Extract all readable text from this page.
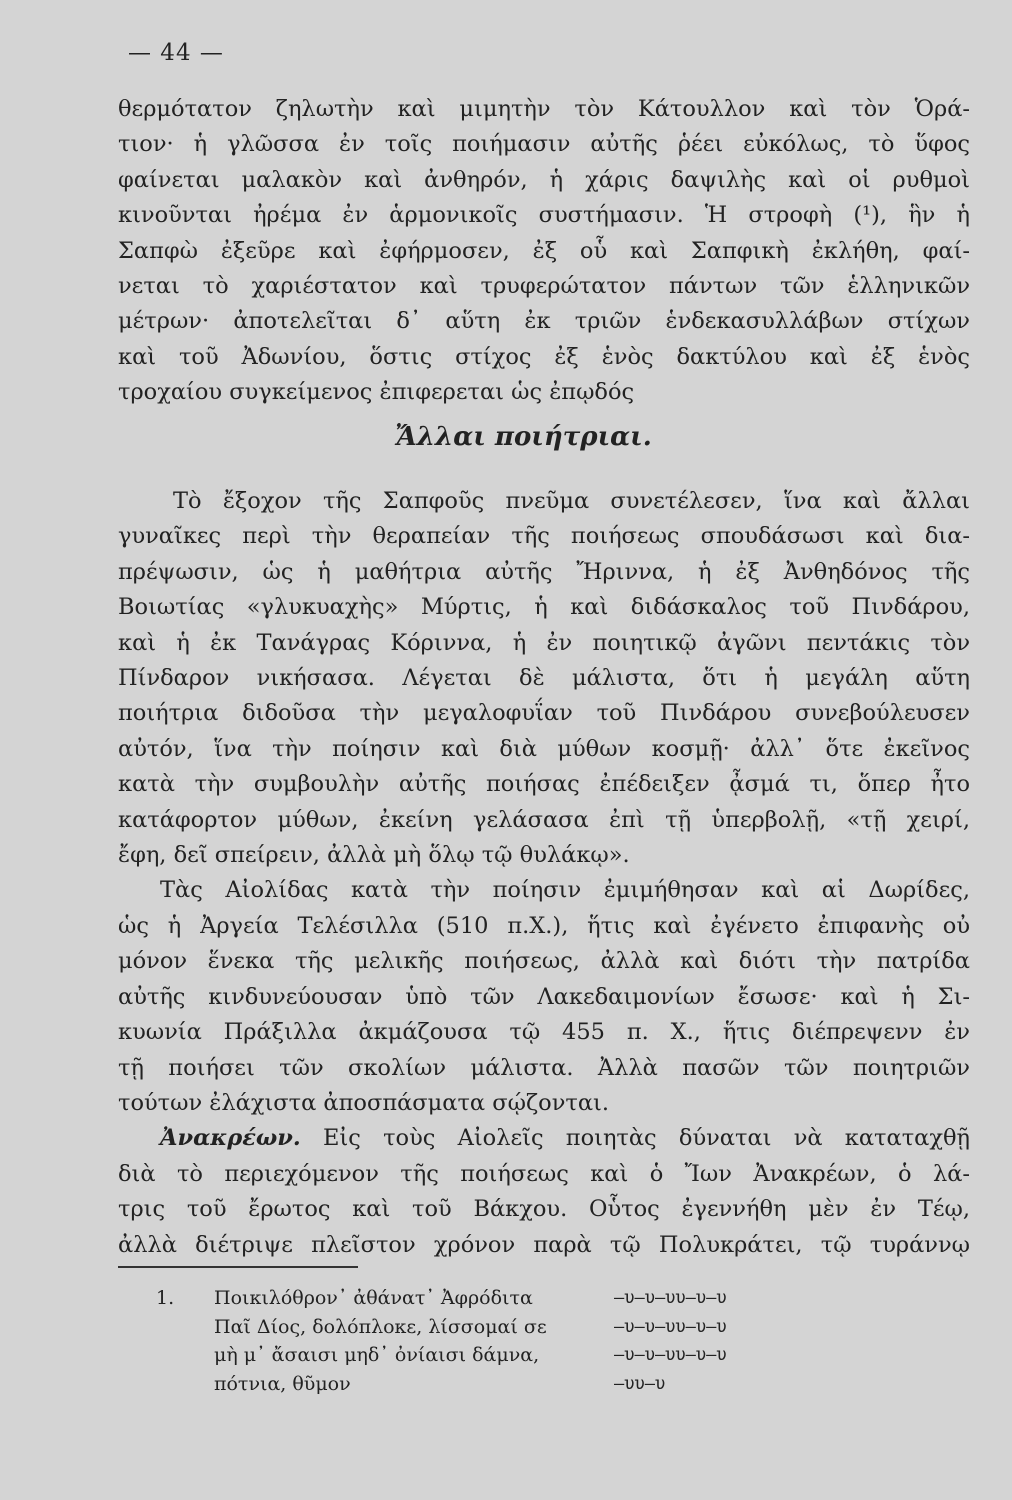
— 44 —
θερμότατον ζηλωτὴν καὶ μιμητὴν τὸν Κάτουλλον καὶ τὸν Ὁρά-
τιον· ἡ γλῶσσα ἐν τοῖς ποιήμασιν αὐτῆς ῥέει εὐκόλως, τὸ ὕφος
φαίνεται μαλακὸν καὶ ἀνθηρόν, ἡ χάρις δαψιλὴς καὶ οἱ ρυθμοὶ
κινοῦνται ἠρέμα ἐν ἁρμονικοῖς συστήμασιν. Ἡ στροφὴ (¹), ἣν ἡ
Σαπφὼ ἐξεῦρε καὶ ἐφήρμοσεν, ἐξ οὗ καὶ Σαπφικὴ ἐκλήθη, φαί-
νεται τὸ χαριέστατον καὶ τρυφερώτατον πάντων τῶν ἑλληνικῶν
μέτρων· ἀποτελεῖται δ᾽ αὕτη ἐκ τριῶν ἑνδεκασυλλάβων στίχων
καὶ τοῦ Ἀδωνίου, ὅστις στίχος ἐξ ἑνὸς δακτύλου καὶ ἐξ ἑνὸς
τροχαίου συγκείμενος ἐπιφερεται ὡς ἐπῳδός
Ἄλλαι ποιήτριαι.
Τὸ ἔξοχον τῆς Σαπφοῦς πνεῦμα συνετέλεσεν, ἵνα καὶ ἄλλαι
γυναῖκες περὶ τὴν θεραπείαν τῆς ποιήσεως σπουδάσωσι καὶ δια-
πρέψωσιν, ὡς ἡ μαθήτρια αὐτῆς Ἤριννα, ἡ ἐξ Ἀνθηδόνος τῆς
Βοιωτίας «γλυκυαχὴς» Μύρτις, ἡ καὶ διδάσκαλος τοῦ Πινδάρου,
καὶ ἡ ἐκ Τανάγρας Κόριννα, ἡ ἐν ποιητικῷ ἀγῶνι πεντάκις τὸν
Πίνδαρον νικήσασα. Λέγεται δὲ μάλιστα, ὅτι ἡ μεγάλη αὕτη
ποιήτρια διδοῦσα τὴν μεγαλοφυΐαν τοῦ Πινδάρου συνεβούλευσεν
αὐτόν, ἵνα τὴν ποίησιν καὶ διὰ μύθων κοσμῇ· ἀλλ᾽ ὅτε ἐκεῖνος
κατὰ τὴν συμβουλὴν αὐτῆς ποιήσας ἐπέδειξεν ᾆσμά τι, ὅπερ ἦτο
κατάφορτον μύθων, ἐκείνη γελάσασα ἐπὶ τῇ ὑπερβολῇ, «τῇ χειρί,
ἔφη, δεῖ σπείρειν, ἀλλὰ μὴ ὅλῳ τῷ θυλάκῳ».
Τὰς Αἰολίδας κατὰ τὴν ποίησιν ἐμιμήθησαν καὶ αἱ Δωρίδες,
ὡς ἡ Ἀργεία Τελέσιλλα (510 π.Χ.), ἥτις καὶ ἐγένετο ἐπιφανὴς οὐ
μόνον ἕνεκα τῆς μελικῆς ποιήσεως, ἀλλὰ καὶ διότι τὴν πατρίδα
αὐτῆς κινδυνεύουσαν ὑπὸ τῶν Λακεδαιμονίων ἔσωσε· καὶ ἡ Σι-
κυωνία Πράξιλλα ἀκμάζουσα τῷ 455 π. Χ., ἥτις διέπρεψενν ἐν
τῇ ποιήσει τῶν σκολίων μάλιστα. Ἀλλὰ πασῶν τῶν ποιητριῶν
τούτων ἐλάχιστα ἀποσπάσματα σῴζονται.
Ἀνακρέων. Εἰς τοὺς Αἰολεῖς ποιητὰς δύναται νὰ καταταχθῇ
διὰ τὸ περιεχόμενον τῆς ποιήσεως καὶ ὁ Ἴων Ἀνακρέων, ὁ λά-
τρις τοῦ ἔρωτος καὶ τοῦ Βάκχου. Οὗτος ἐγεννήθη μὲν ἐν Τέῳ,
ἀλλὰ διέτριψε πλεῖστον χρόνον παρὰ τῷ Πολυκράτει, τῷ τυράννῳ
1.	Ποικιλόθρον᾽ ἀθάνατ᾽ Ἀφρόδιτα	—υ—υ—υυ—υ—υ
Παῖ Δίος, δολόπλοκε, λίσσομαί σε	—υ—υ—υυ—υ—υ
μὴ μ᾽ ἄσαισι μηδ᾽ ὀνίαισι δάμνα,	—υ—υ—υυ—υ—υ
πότνια, θῦμον	—υυ—υ
